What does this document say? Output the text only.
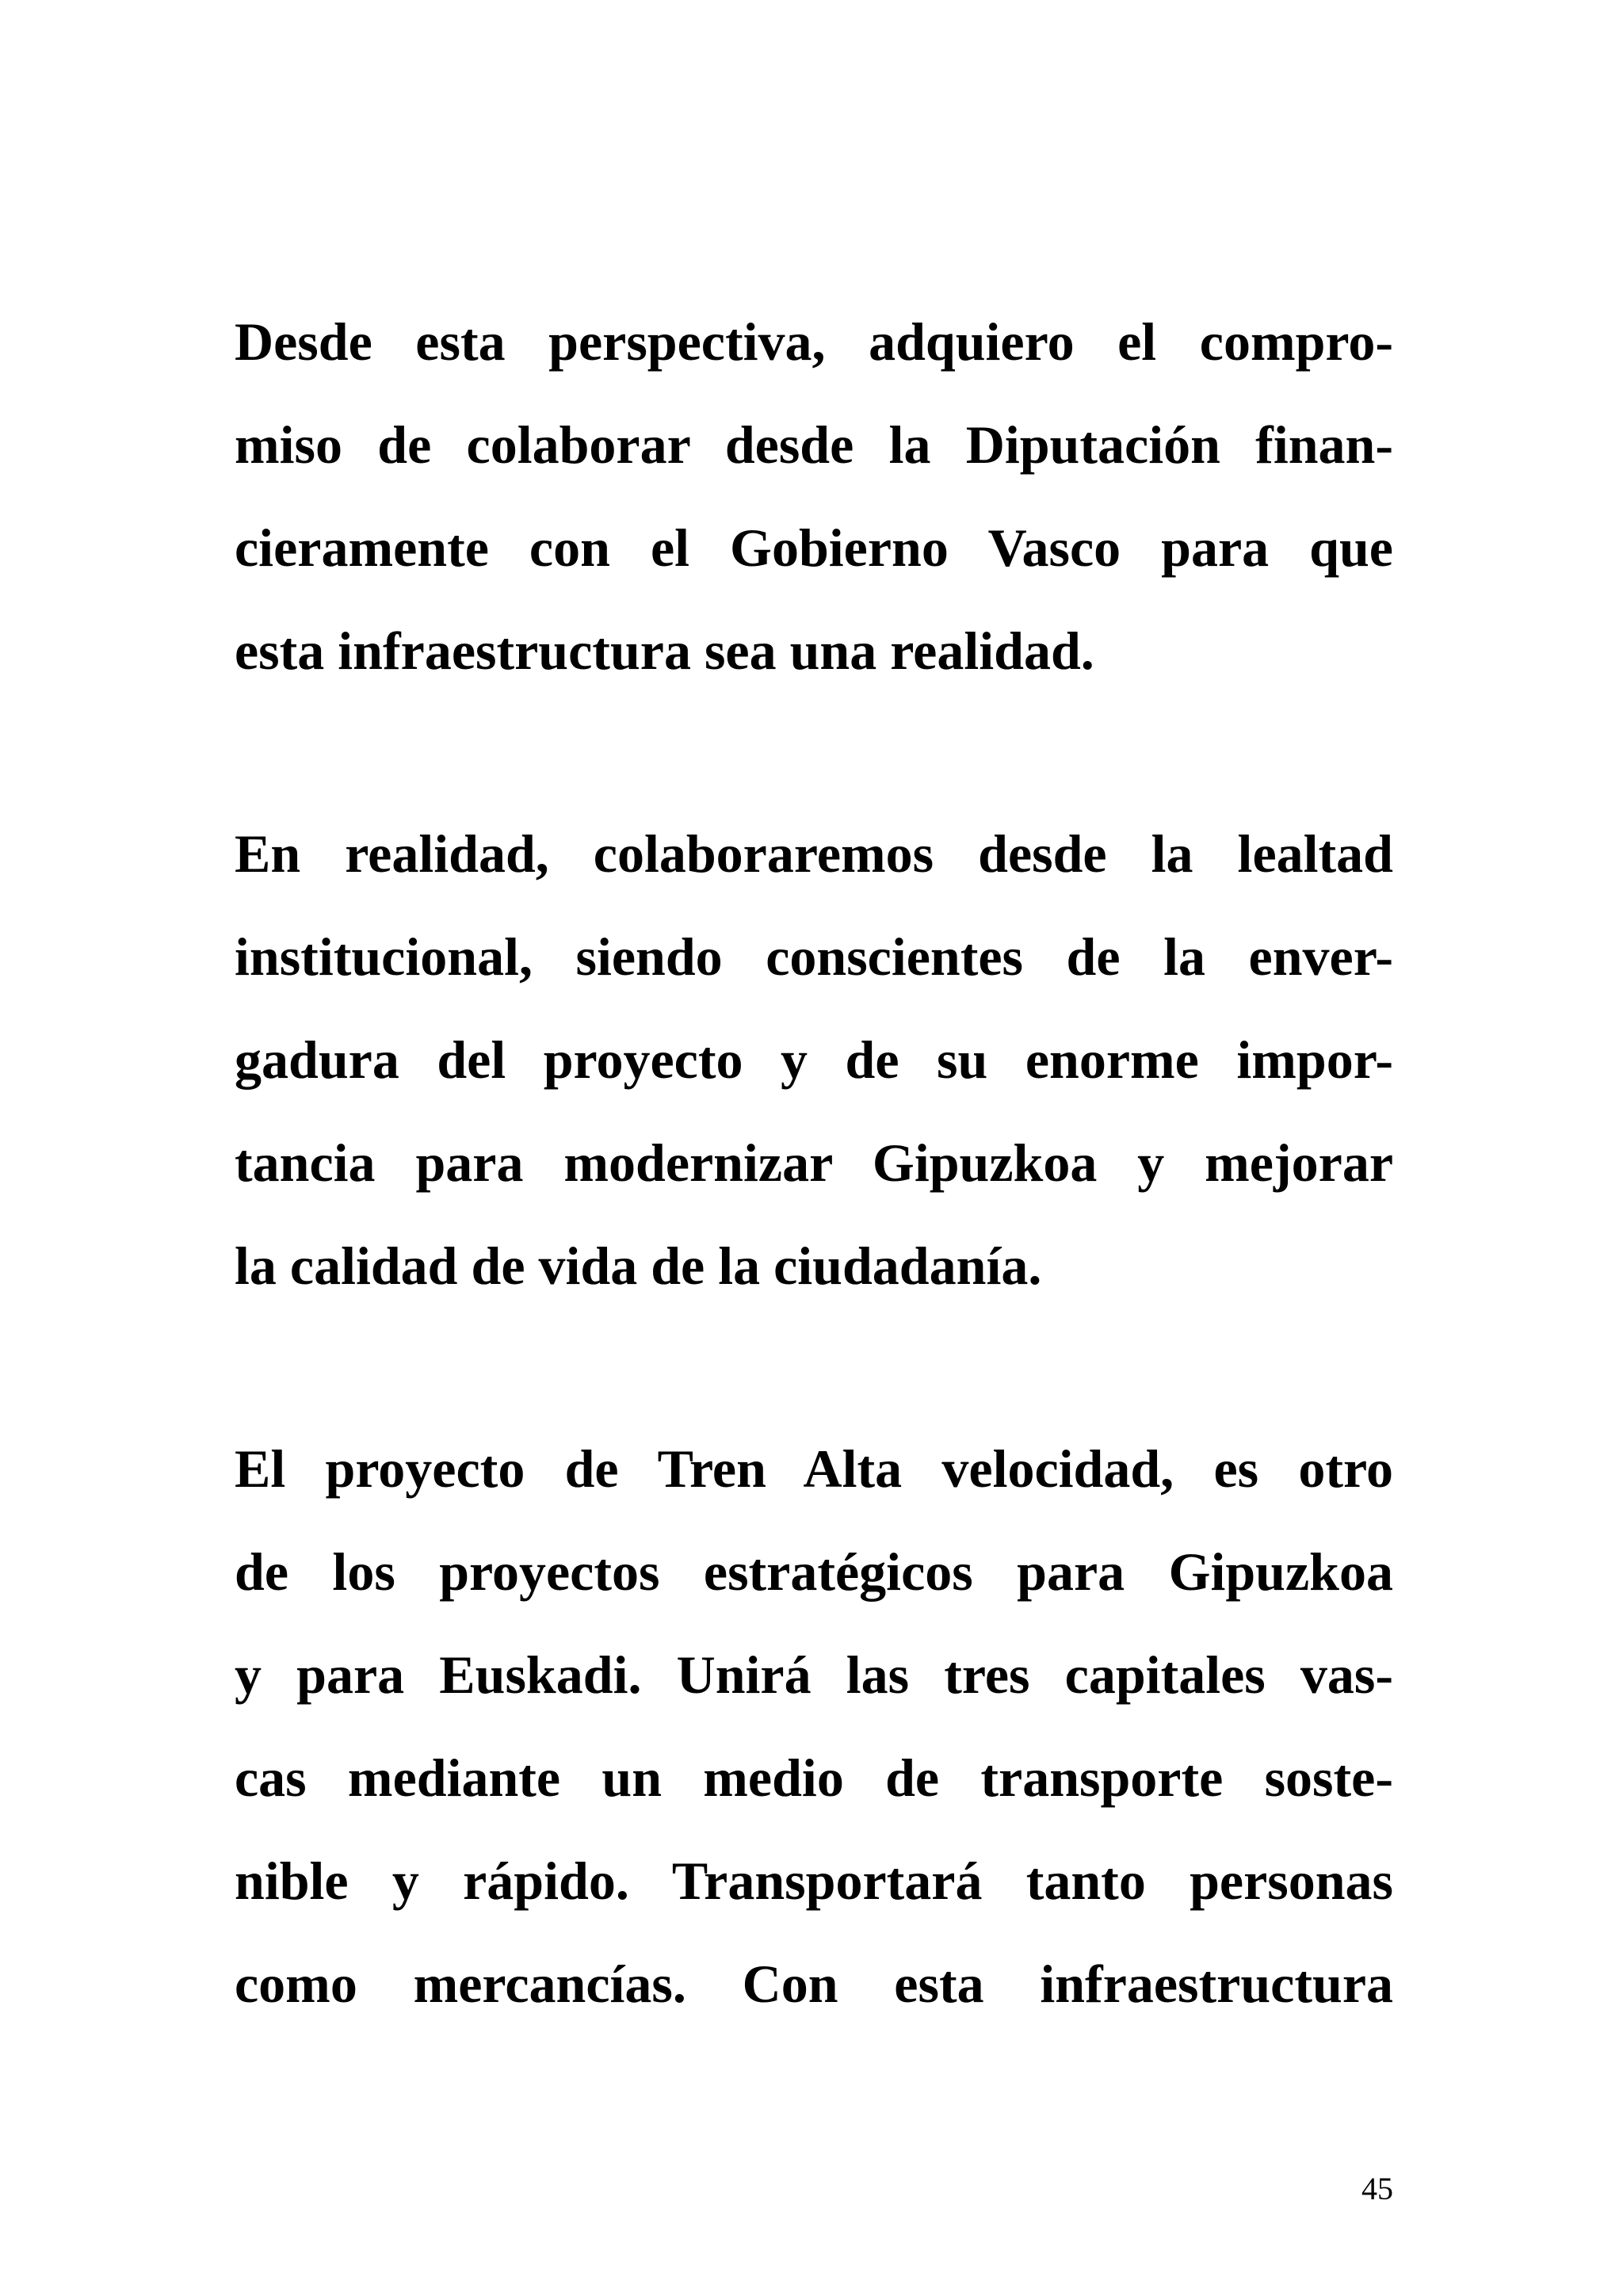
Desde esta perspectiva, adquiero el compro-
miso de colaborar desde la Diputación finan-
cieramente con el Gobierno Vasco para que
esta infraestructura sea una realidad.
En realidad, colaboraremos desde la lealtad
institucional, siendo conscientes de la enver-
gadura del proyecto y de su enorme impor-
tancia para modernizar Gipuzkoa y mejorar
la calidad de vida de la ciudadanía.
El proyecto de Tren Alta velocidad, es otro
de los proyectos estratégicos para Gipuzkoa
y para Euskadi. Unirá las tres capitales vas-
cas mediante un medio de transporte soste-
nible y rápido. Transportará tanto personas
como mercancías. Con esta infraestructura
45
